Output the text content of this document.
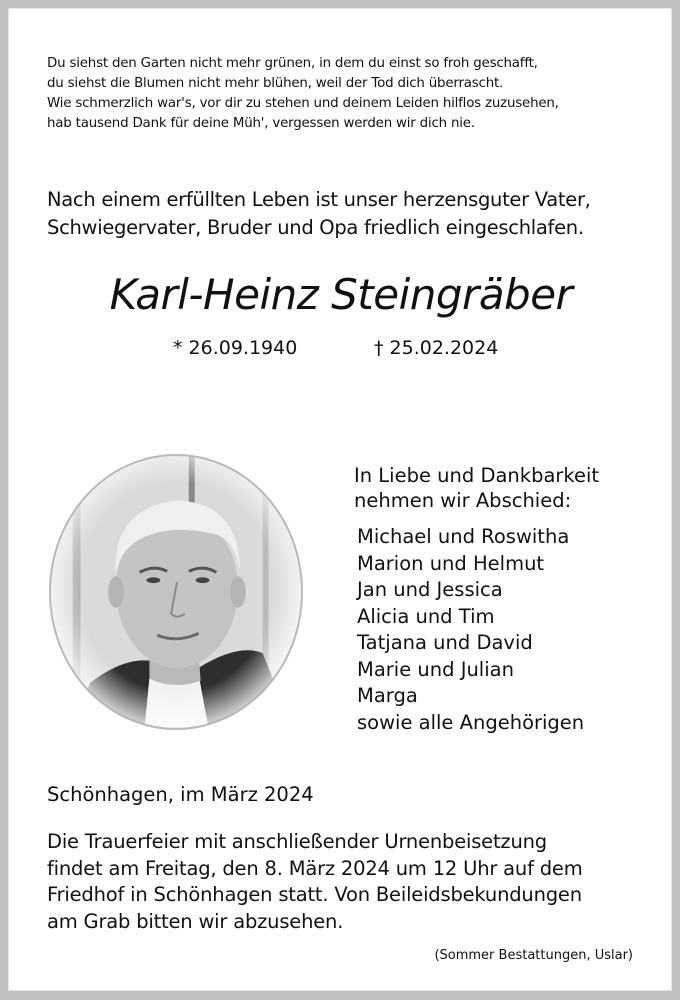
Du siehst den Garten nicht mehr grünen, in dem du einst so froh geschafft,
du siehst die Blumen nicht mehr blühen, weil der Tod dich überrascht.
Wie schmerzlich war's, vor dir zu stehen und deinem Leiden hilflos zuzusehen,
hab tausend Dank für deine Müh', vergessen werden wir dich nie.
Nach einem erfüllten Leben ist unser herzensguter Vater,
Schwiegervater, Bruder und Opa friedlich eingeschlafen.
Karl-Heinz Steingräber
* 26.09.1940	† 25.02.2024
In Liebe und Dankbarkeit
nehmen wir Abschied:
Michael und Roswitha
Marion und Helmut
Jan und Jessica
Alicia und Tim
Tatjana und David
Marie und Julian
Marga
sowie alle Angehörigen
Schönhagen, im März 2024
Die Trauerfeier mit anschließender Urnenbeisetzung
findet am Freitag, den 8. März 2024 um 12 Uhr auf dem
Friedhof in Schönhagen statt. Von Beileidsbekundungen
am Grab bitten wir abzusehen.
(Sommer Bestattungen, Uslar)
